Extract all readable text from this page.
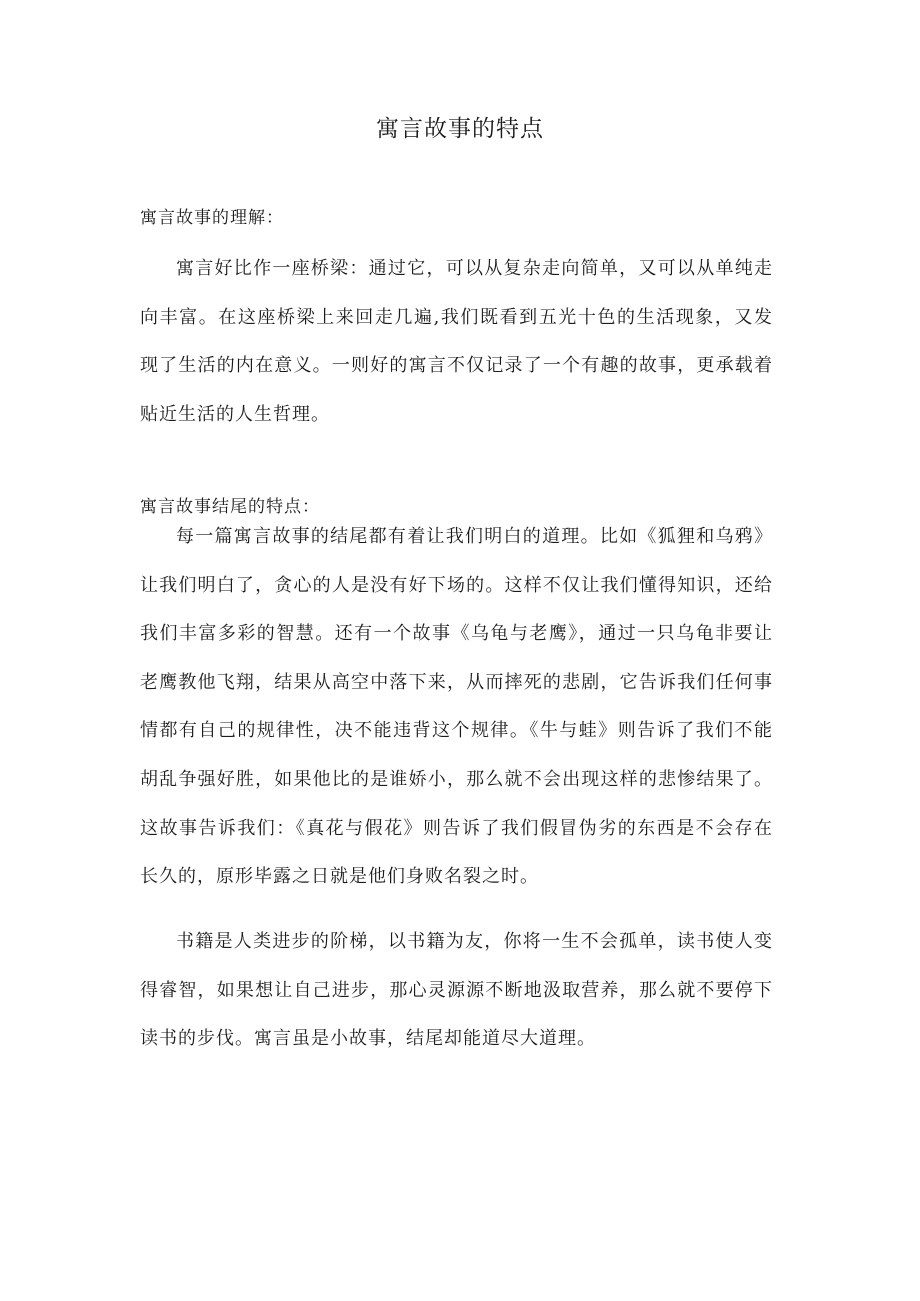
寓言故事的特点
寓言故事的理解：

寓言好比作一座桥梁：通过它，可以从复杂走向简单，又可以从单纯走向丰富。在这座桥梁上来回走几遍,我们既看到五光十色的生活现象，又发现了生活的内在意义。一则好的寓言不仅记录了一个有趣的故事，更承载着贴近生活的人生哲理。

寓言故事结尾的特点：

每一篇寓言故事的结尾都有着让我们明白的道理。比如《狐狸和乌鸦》让我们明白了，贪心的人是没有好下场的。这样不仅让我们懂得知识，还给我们丰富多彩的智慧。还有一个故事《乌龟与老鹰》，通过一只乌龟非要让老鹰教他飞翔，结果从高空中落下来，从而摔死的悲剧，它告诉我们任何事情都有自己的规律性，决不能违背这个规律。《牛与蛙》则告诉了我们不能胡乱争强好胜，如果他比的是谁娇小，那么就不会出现这样的悲惨结果了。这故事告诉我们：《真花与假花》则告诉了我们假冒伪劣的东西是不会存在长久的，原形毕露之日就是他们身败名裂之时。

书籍是人类进步的阶梯，以书籍为友，你将一生不会孤单，读书使人变得睿智，如果想让自己进步，那心灵源源不断地汲取营养，那么就不要停下读书的步伐。寓言虽是小故事，结尾却能道尽大道理。
